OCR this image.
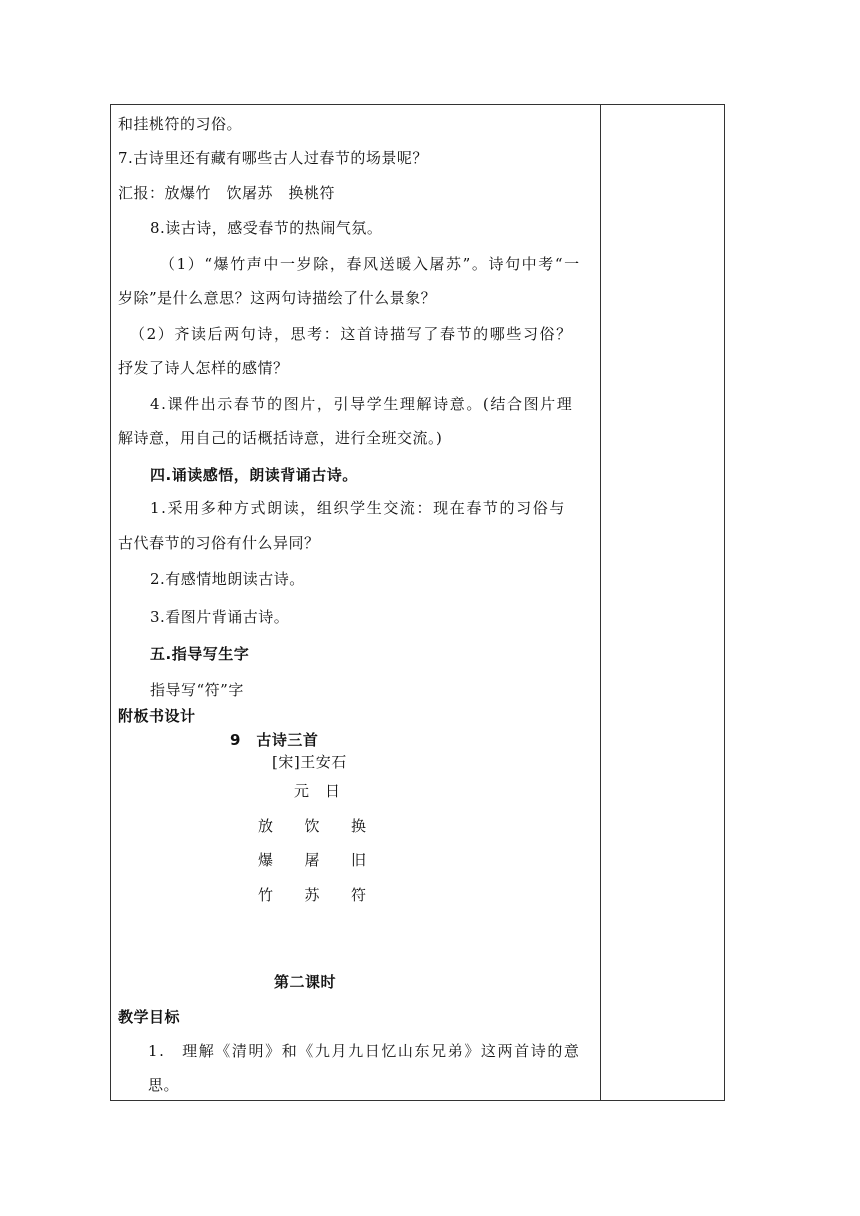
和挂桃符的习俗。
7.古诗里还有藏有哪些古人过春节的场景呢？
汇报：放爆竹　饮屠苏　换桃符
8.读古诗，感受春节的热闹气氛。
（1）“爆竹声中一岁除，春风送暖入屠苏”。诗句中考“一
岁除”是什么意思？这两句诗描绘了什么景象？
（2）齐读后两句诗，思考：这首诗描写了春节的哪些习俗？
抒发了诗人怎样的感情？
4.课件出示春节的图片，引导学生理解诗意。(结合图片理
解诗意，用自己的话概括诗意，进行全班交流。)
四.诵读感悟，朗读背诵古诗。
1.采用多种方式朗读，组织学生交流：现在春节的习俗与
古代春节的习俗有什么异同？
2.有感情地朗读古诗。
3.看图片背诵古诗。
五.指导写生字
指导写“符”字
附板书设计
9　古诗三首
[宋]王安石
元　日
放　　饮　　换
爆　　屠　　旧
竹　　苏　　符
第二课时
教学目标
1.　理解《清明》和《九月九日忆山东兄弟》这两首诗的意
思。
